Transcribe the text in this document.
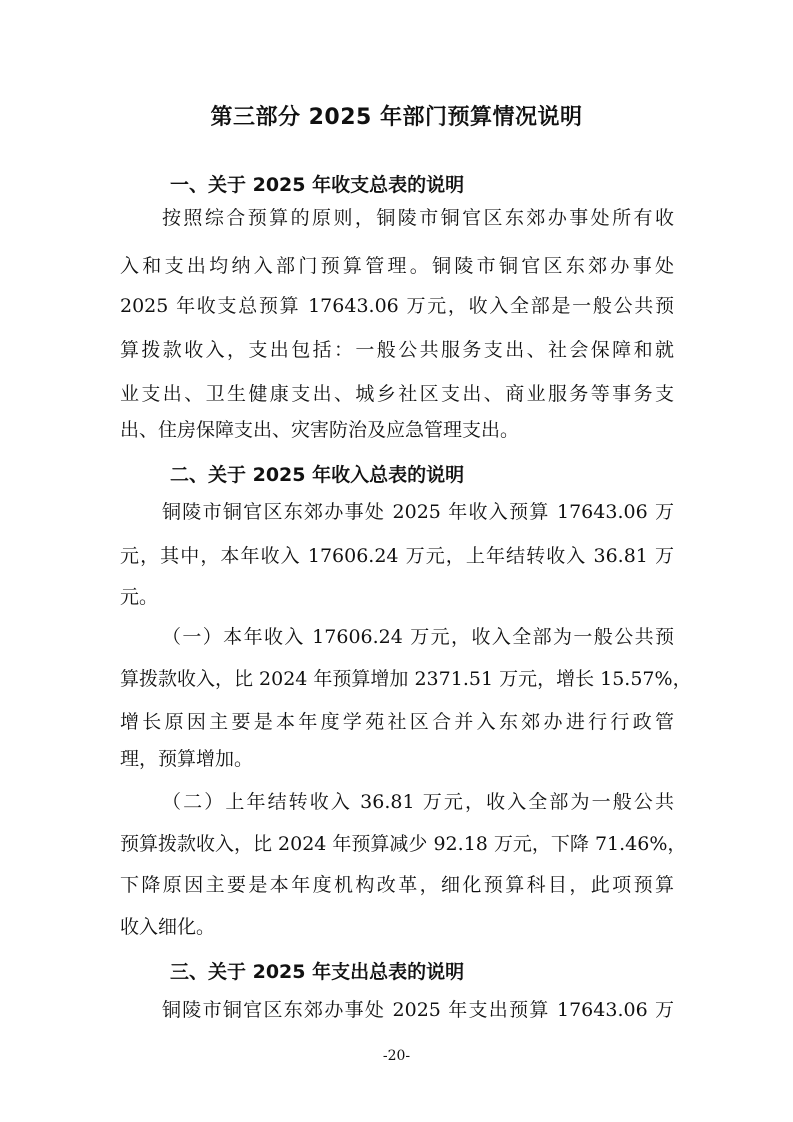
第三部分 2025 年部门预算情况说明
一、关于 2025 年收支总表的说明
按照综合预算的原则，铜陵市铜官区东郊办事处所有收
入和支出均纳入部门预算管理。铜陵市铜官区东郊办事处
2025 年收支总预算 17643.06 万元，收入全部是一般公共预
算拨款收入，支出包括：一般公共服务支出、社会保障和就
业支出、卫生健康支出、城乡社区支出、商业服务等事务支
出、住房保障支出、灾害防治及应急管理支出。
二、关于 2025 年收入总表的说明
铜陵市铜官区东郊办事处 2025 年收入预算 17643.06 万
元，其中，本年收入 17606.24 万元，上年结转收入 36.81 万
元。
（一）本年收入 17606.24 万元，收入全部为一般公共预
算拨款收入，比 2024 年预算增加 2371.51 万元，增长 15.57%，
增长原因主要是本年度学苑社区合并入东郊办进行行政管
理，预算增加。
（二）上年结转收入 36.81 万元，收入全部为一般公共
预算拨款收入，比 2024 年预算减少 92.18 万元，下降 71.46%，
下降原因主要是本年度机构改革，细化预算科目，此项预算
收入细化。
三、关于 2025 年支出总表的说明
铜陵市铜官区东郊办事处 2025 年支出预算 17643.06 万
-20-
